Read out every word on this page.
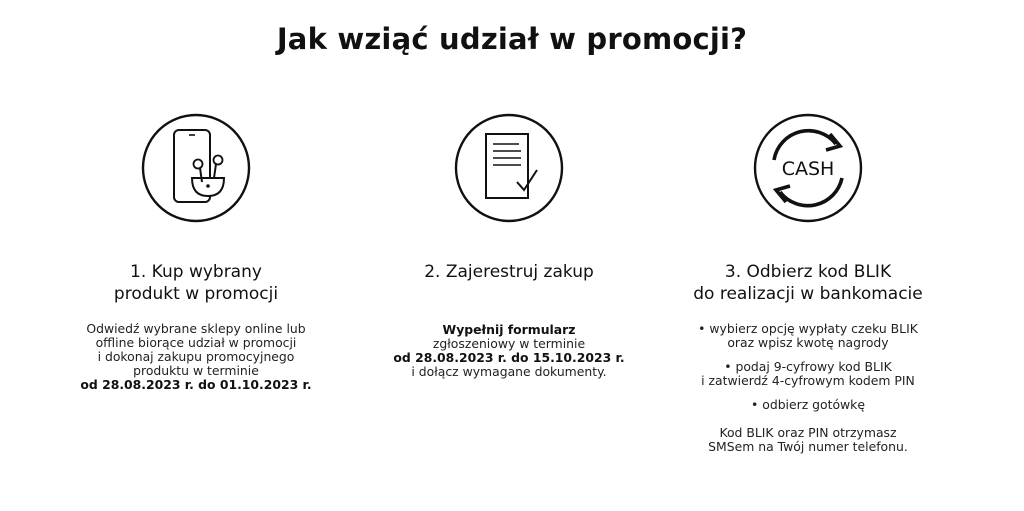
Jak wziąć udział w promocji?
1. Kup wybrany
produkt w promocji
Odwiedź wybrane sklepy online lub
offline biorące udział w promocji
i dokonaj zakupu promocyjnego
produktu w terminie
od 28.08.2023 r. do 01.10.2023 r.
2. Zajerestruj zakup
Wypełnij formularz
zgłoszeniowy w terminie
od 28.08.2023 r. do 15.10.2023 r.
i dołącz wymagane dokumenty.
CASH
3. Odbierz kod BLIK
do realizacji w bankomacie
• wybierz opcję wypłaty czeku BLIK
oraz wpisz kwotę nagrody
• podaj 9-cyfrowy kod BLIK
i zatwierdź 4-cyfrowym kodem PIN
• odbierz gotówkę
Kod BLIK oraz PIN otrzymasz
SMSem na Twój numer telefonu.
